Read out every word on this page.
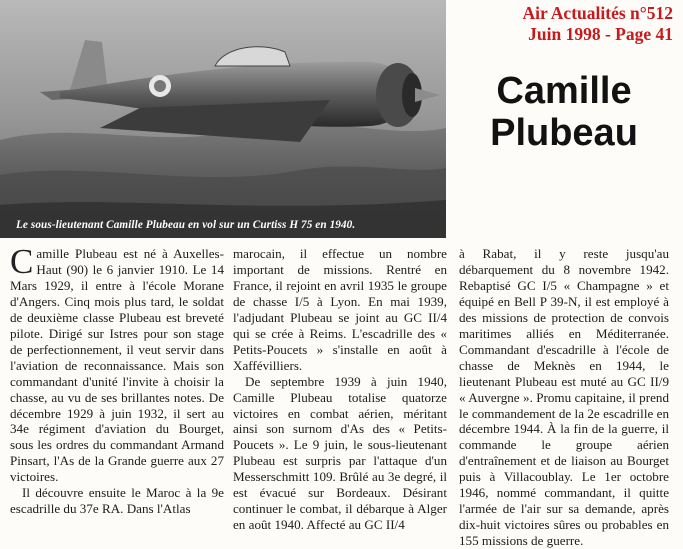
Le sous-lieutenant Camille Plubeau en vol sur un Curtiss H 75 en 1940.
Air Actualités n°512
Juin 1998 - Page 41
Camille
Plubeau

Camille Plubeau est né à Auxelles-Haut (90) le 6 janvier 1910. Le 14 Mars 1929, il entre à l'école Morane d'Angers. Cinq mois plus tard, le soldat de deuxième classe Plubeau est breveté pilote. Dirigé sur Istres pour son stage de perfectionnement, il veut servir dans l'aviation de reconnaissance. Mais son commandant d'unité l'invite à choisir la chasse, au vu de ses brillantes notes. De décembre 1929 à juin 1932, il sert au 34e régiment d'aviation du Bourget, sous les ordres du commandant Armand Pinsart, l'As de la Grande guerre aux 27 victoires.

Il découvre ensuite le Maroc à la 9e escadrille du 37e RA. Dans l'Atlas

marocain, il effectue un nombre important de missions. Rentré en France, il rejoint en avril 1935 le groupe de chasse I/5 à Lyon. En mai 1939, l'adjudant Plubeau se joint au GC II/4 qui se crée à Reims. L'escadrille des « Petits-Poucets » s'installe en août à Xaffévilliers.

De septembre 1939 à juin 1940, Camille Plubeau totalise quatorze victoires en combat aérien, méritant ainsi son surnom d'As des « Petits-Poucets ». Le 9 juin, le sous-lieutenant Plubeau est surpris par l'attaque d'un Messerschmitt 109. Brûlé au 3e degré, il est évacué sur Bordeaux. Désirant continuer le combat, il débarque à Alger en août 1940. Affecté au GC II/4

à Rabat, il y reste jusqu'au débarquement du 8 novembre 1942. Rebaptisé GC I/5 « Champagne » et équipé en Bell P 39-N, il est employé à des missions de protection de convois maritimes alliés en Méditerranée. Commandant d'escadrille à l'école de chasse de Meknès en 1944, le lieutenant Plubeau est muté au GC II/9 « Auvergne ». Promu capitaine, il prend le commandement de la 2e escadrille en décembre 1944. À la fin de la guerre, il commande le groupe aérien d'entraînement et de liaison au Bourget puis à Villacoublay. Le 1er octobre 1946, nommé commandant, il quitte l'armée de l'air sur sa demande, après dix-huit victoires sûres ou probables en 155 missions de guerre.
